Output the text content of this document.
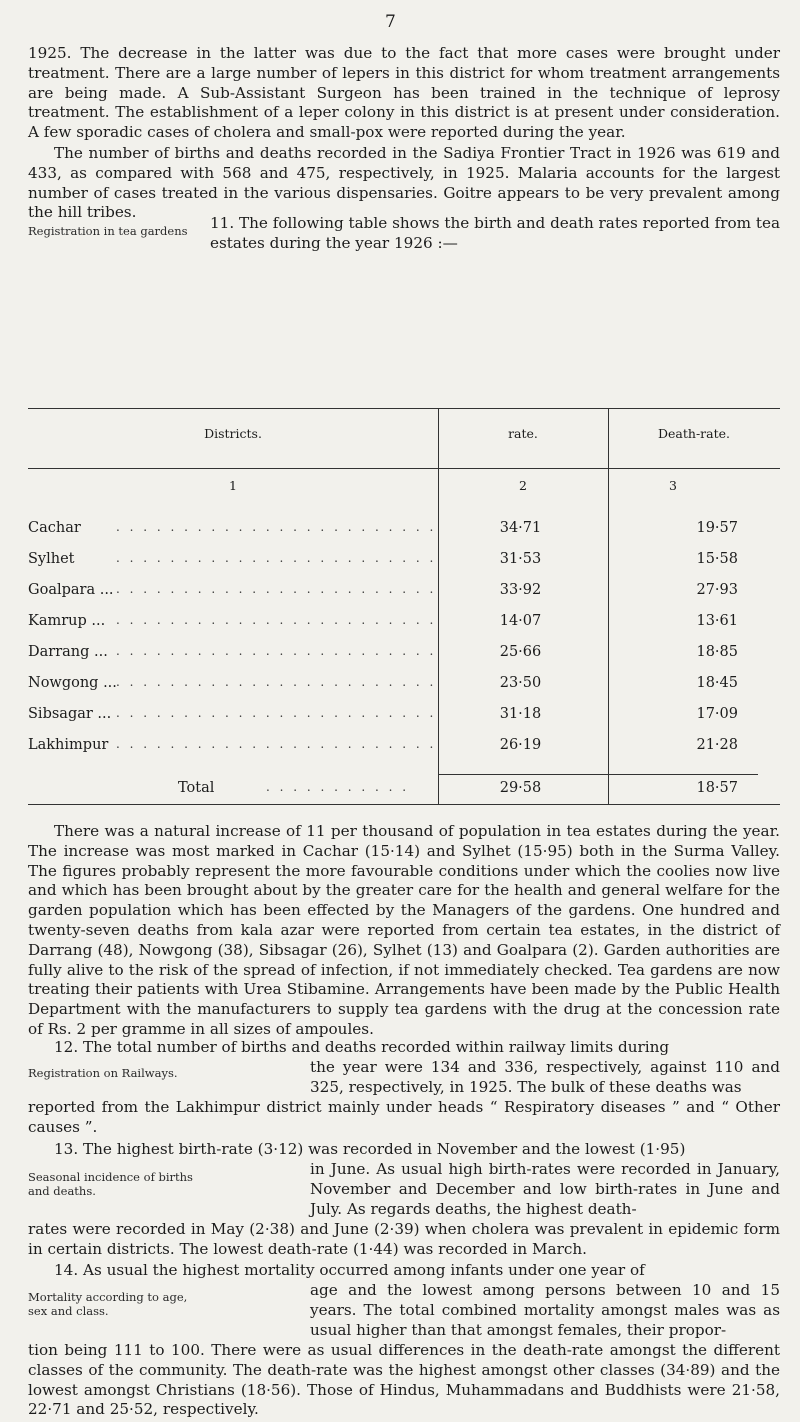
7

1925. The decrease in the latter was due to the fact that more cases were brought under treatment. There are a large number of lepers in this district for whom treatment arrangements are being made. A Sub-Assistant Surgeon has been trained in the technique of leprosy treatment. The establishment of a leper colony in this district is at present under consideration. A few sporadic cases of cholera and small-pox were reported during the year.

The number of births and deaths recorded in the Sadiya Frontier Tract in 1926 was 619 and 433, as compared with 568 and 475, respectively, in 1925. Malaria accounts for the largest number of cases treated in the various dispensaries. Goitre appears to be very prevalent among the hill tribes.

Registration in tea gardens	11. The following table shows the birth and death rates reported from tea estates during the year 1926 :—

Districts.	rate.	Death-rate.
1	2	3
Cachar	. . . . . . . . . . . . . . . . . . . . . . . .	34·71	19·57
Sylhet	. . . . . . . . . . . . . . . . . . . . . . . .	31·53	15·58
Goalpara ... . . . . . . . . . . . . . . . . . . . . . . . .	33·92	27·93
Kamrup ... . . . . . . . . . . . . . . . . . . . . . . . .	14·07	13·61
Darrang ... . . . . . . . . . . . . . . . . . . . . . . . .	25·66	18·85
Nowgong ... . . . . . . . . . . . . . . . . . . . . . . . .	23·50	18·45
Sibsagar ... . . . . . . . . . . . . . . . . . . . . . . . .	31·18	17·09
Lakhimpur . . . . . . . . . . . . . . . . . . . . . . . .	26·19	21·28
Total	. . . . . . . . . . .	29·58	18·57

There was a natural increase of 11 per thousand of population in tea estates during the year. The increase was most marked in Cachar (15·14) and Sylhet (15·95) both in the Surma Valley. The figures probably represent the more favourable conditions under which the coolies now live and which has been brought about by the greater care for the health and general welfare for the garden population which has been effected by the Managers of the gardens. One hundred and twenty-seven deaths from kala azar were reported from certain tea estates, in the district of Darrang (48), Nowgong (38), Sibsagar (26), Sylhet (13) and Goalpara (2). Garden authorities are fully alive to the risk of the spread of infection, if not immediately checked. Tea gardens are now treating their patients with Urea Stibamine. Arrangements have been made by the Public Health Department with the manufacturers to supply tea gardens with the drug at the concession rate of Rs. 2 per gramme in all sizes of ampoules.

12. The total number of births and deaths recorded within railway limits during

Registration on Railways.	the year were 134 and 336, respectively, against 110 and 325, respectively, in 1925. The bulk of these deaths was

reported from the Lakhimpur district mainly under heads “ Respiratory diseases ” and “ Other causes ”.

13. The highest birth-rate (3·12) was recorded in November and the lowest (1·95)

Seasonal incidence of births and deaths.

in June. As usual high birth-rates were recorded in January, November and December and low birth-rates in June and July. As regards deaths, the highest death-

rates were recorded in May (2·38) and June (2·39) when cholera was prevalent in epidemic form in certain districts. The lowest death-rate (1·44) was recorded in March.

14. As usual the highest mortality occurred among infants under one year of

Mortality according to age, sex and class.

age and the lowest among persons between 10 and 15 years. The total combined mortality amongst males was as usual higher than that amongst females, their propor-

tion being 111 to 100. There were as usual differences in the death-rate amongst the different classes of the community. The death-rate was the highest amongst other classes (34·89) and the lowest amongst Christians (18·56). Those of Hindus, Muhammadans and Buddhists were 21·58, 22·71 and 25·52, respectively.
